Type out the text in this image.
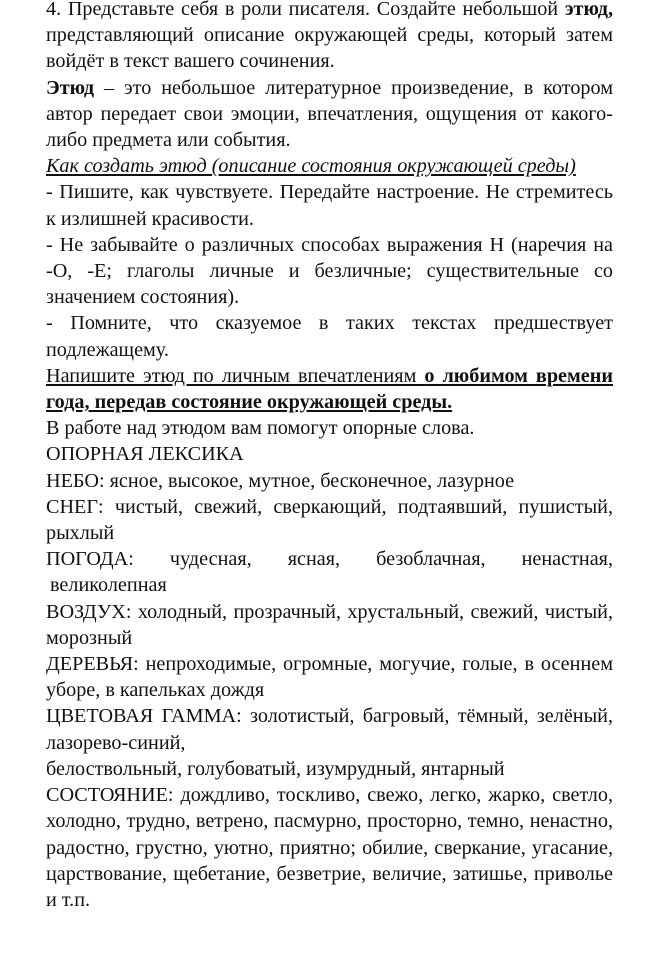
4. Представьте себя в роли писателя. Создайте небольшой этюд, представляющий описание окружающей среды, который затем войдёт в текст вашего сочинения.

Этюд – это небольшое литературное произведение, в котором автор передает свои эмоции, впечатления, ощущения от какого-либо предмета или события.

Как создать этюд (описание состояния окружающей среды)

- Пишите, как чувствуете. Передайте настроение. Не стремитесь к излишней красивости.

- Не забывайте о различных способах выражения Н (наречия на -О, -Е; глаголы личные и безличные; существительные со значением состояния).

- Помните, что сказуемое в таких текстах предшествует подлежащему.

Напишите этюд по личным впечатлениям о любимом времени года, передав состояние окружающей среды.

В работе над этюдом вам помогут опорные слова.

ОПОРНАЯ ЛЕКСИКА

НЕБО: ясное, высокое, мутное, бесконечное, лазурное

СНЕГ: чистый, свежий, сверкающий, подтаявший, пушистый, рыхлый

ПОГОДА: чудесная, ясная, безоблачная, ненастная,

великолепная

ВОЗДУХ: холодный, прозрачный, хрустальный, свежий, чистый, морозный

ДЕРЕВЬЯ: непроходимые, огромные, могучие, голые, в осеннем уборе, в капельках дождя

ЦВЕТОВАЯ ГАММА: золотистый, багровый, тёмный, зелёный, лазорево-синий,

белоствольный, голубоватый, изумрудный, янтарный

СОСТОЯНИЕ: дождливо, тоскливо, свежо, легко, жарко, светло, холодно, трудно, ветрено, пасмурно, просторно, темно, ненастно, радостно, грустно, уютно, приятно; обилие, сверкание, угасание, царствование, щебетание, безветрие, величие, затишье, приволье и т.п.
